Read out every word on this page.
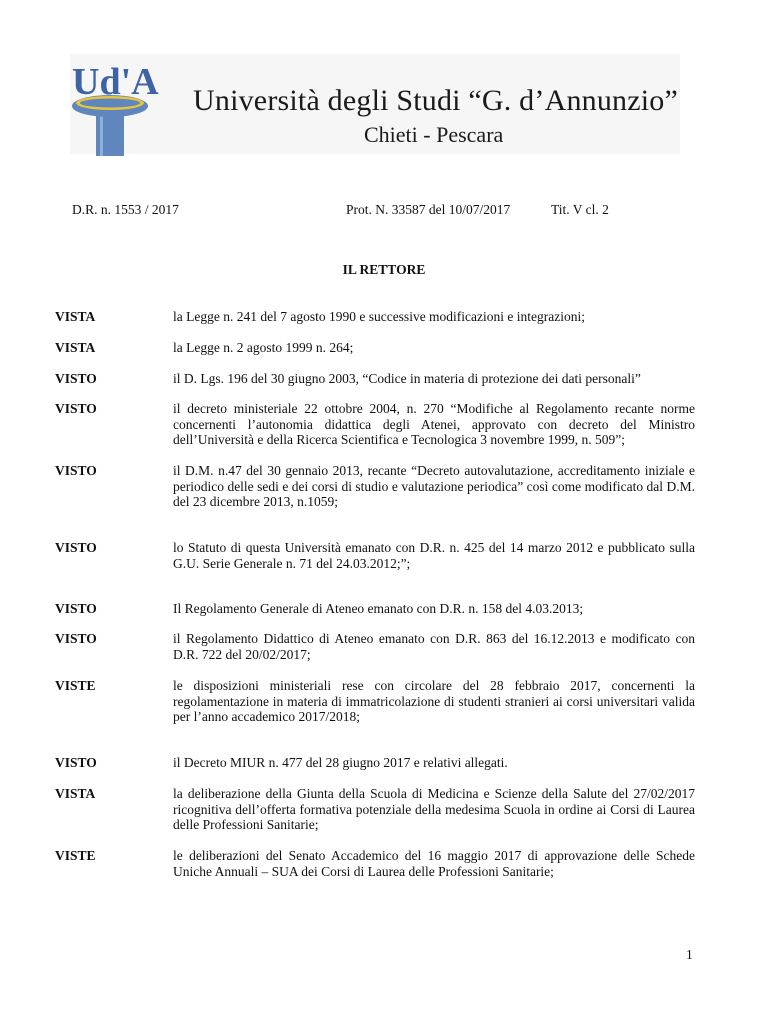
Ud'A Università degli Studi “G. d’Annunzio”
Chieti - Pescara
D.R. n. 1553 / 2017	Prot. N. 33587 del 10/07/2017	Tit. V cl. 2
IL RETTORE
VISTA	la Legge n. 241 del 7 agosto 1990 e successive modificazioni e integrazioni;
VISTA	la Legge n. 2 agosto 1999 n. 264;
VISTO	il D. Lgs. 196 del 30 giugno 2003, “Codice in materia di protezione dei dati personali”
VISTO	il decreto ministeriale 22 ottobre 2004, n. 270 “Modifiche al Regolamento recante norme concernenti l’autonomia didattica degli Atenei, approvato con decreto del Ministro dell’Università e della Ricerca Scientifica e Tecnologica 3 novembre 1999, n. 509”;
VISTO	il D.M. n.47 del 30 gennaio 2013, recante “Decreto autovalutazione, accreditamento iniziale e periodico delle sedi e dei corsi di studio e valutazione periodica” così come modificato dal D.M. del 23 dicembre 2013, n.1059;
VISTO	lo Statuto di questa Università emanato con D.R. n. 425 del 14 marzo 2012 e pubblicato sulla G.U. Serie Generale n. 71 del 24.03.2012;”;
VISTO	Il Regolamento Generale di Ateneo emanato con D.R. n. 158 del 4.03.2013;
VISTO	il Regolamento Didattico di Ateneo emanato con D.R. 863 del 16.12.2013 e modificato con D.R. 722 del 20/02/2017;
VISTE	le disposizioni ministeriali rese con circolare del 28 febbraio 2017, concernenti la regolamentazione in materia di immatricolazione di studenti stranieri ai corsi universitari valida per l’anno accademico 2017/2018;
VISTO	il Decreto MIUR n. 477 del 28 giugno 2017 e relativi allegati.
VISTA	la deliberazione della Giunta della Scuola di Medicina e Scienze della Salute del 27/02/2017 ricognitiva dell’offerta formativa potenziale della medesima Scuola in ordine ai Corsi di Laurea delle Professioni Sanitarie;
VISTE	le deliberazioni del Senato Accademico del 16 maggio 2017 di approvazione delle Schede Uniche Annuali – SUA dei Corsi di Laurea delle Professioni Sanitarie;
1
